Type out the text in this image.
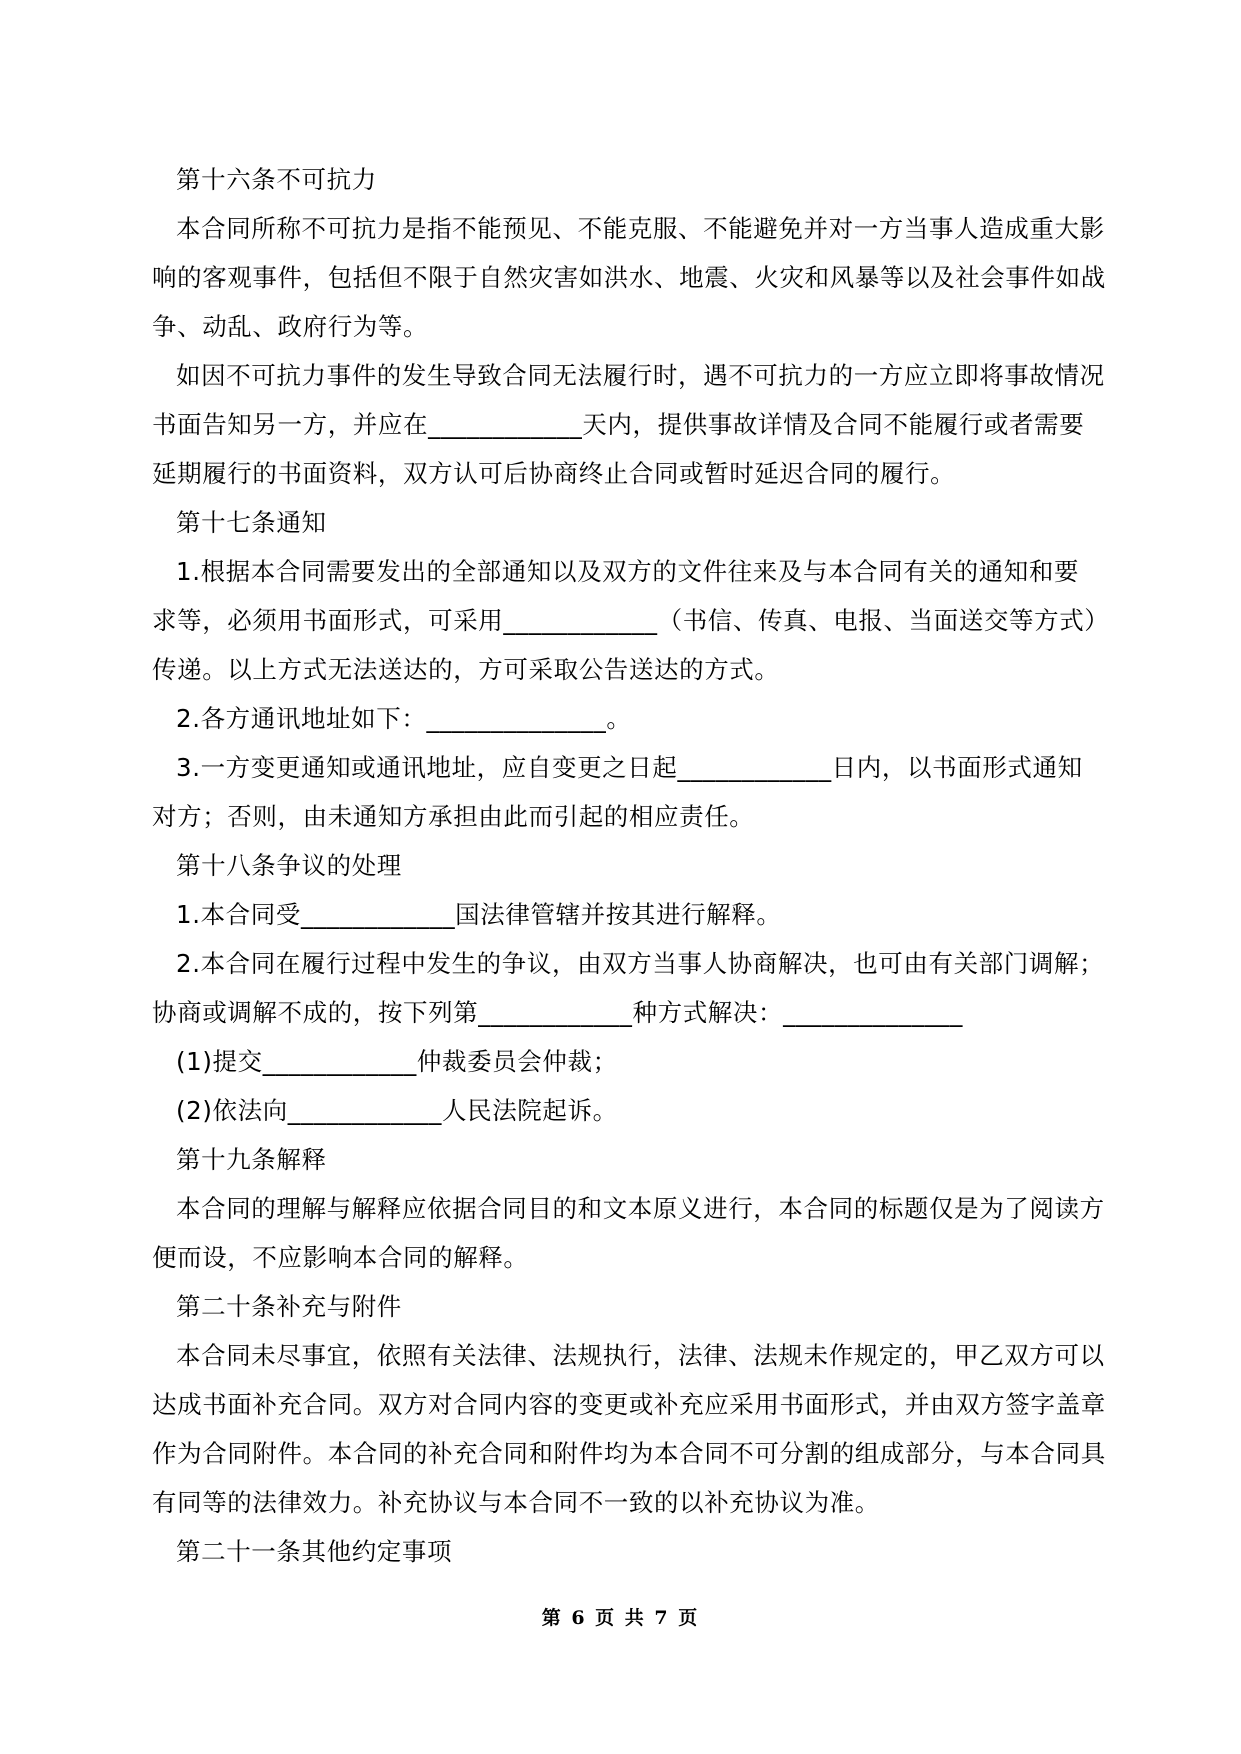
第十六条不可抗力
本合同所称不可抗力是指不能预见、不能克服、不能避免并对一方当事人造成重大影
响的客观事件，包括但不限于自然灾害如洪水、地震、火灾和风暴等以及社会事件如战
争、动乱、政府行为等。
如因不可抗力事件的发生导致合同无法履行时，遇不可抗力的一方应立即将事故情况
书面告知另一方，并应在____________天内，提供事故详情及合同不能履行或者需要
延期履行的书面资料，双方认可后协商终止合同或暂时延迟合同的履行。
第十七条通知
1.根据本合同需要发出的全部通知以及双方的文件往来及与本合同有关的通知和要
求等，必须用书面形式，可采用____________（书信、传真、电报、当面送交等方式）
传递。以上方式无法送达的，方可采取公告送达的方式。
2.各方通讯地址如下：______________。
3.一方变更通知或通讯地址，应自变更之日起____________日内，以书面形式通知
对方；否则，由未通知方承担由此而引起的相应责任。
第十八条争议的处理
1.本合同受____________国法律管辖并按其进行解释。
2.本合同在履行过程中发生的争议，由双方当事人协商解决，也可由有关部门调解；
协商或调解不成的，按下列第____________种方式解决：______________
(1)提交____________仲裁委员会仲裁；
(2)依法向____________人民法院起诉。
第十九条解释
本合同的理解与解释应依据合同目的和文本原义进行，本合同的标题仅是为了阅读方
便而设，不应影响本合同的解释。
第二十条补充与附件
本合同未尽事宜，依照有关法律、法规执行，法律、法规未作规定的，甲乙双方可以
达成书面补充合同。双方对合同内容的变更或补充应采用书面形式，并由双方签字盖章
作为合同附件。本合同的补充合同和附件均为本合同不可分割的组成部分，与本合同具
有同等的法律效力。补充协议与本合同不一致的以补充协议为准。
第二十一条其他约定事项
第 6 页 共 7 页
